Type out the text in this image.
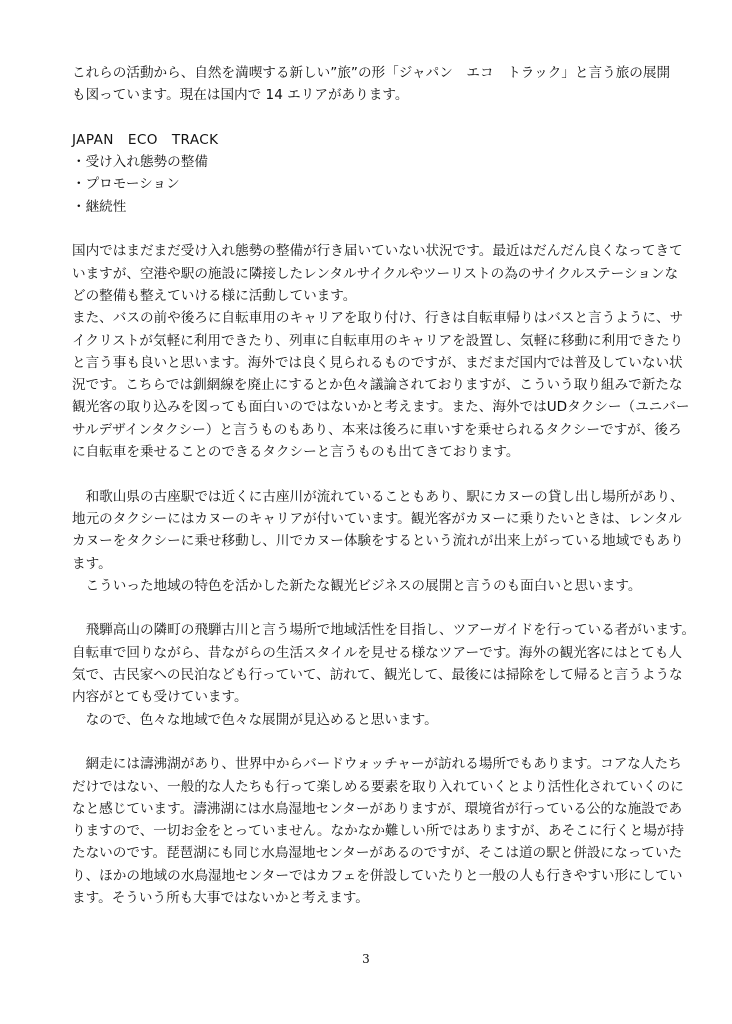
これらの活動から、自然を満喫する新しい”旅”の形「ジャパン　エコ　トラック」と言う旅の展開
も図っています。現在は国内で 14 エリアがあります。
JAPAN　ECO　TRACK
・受け入れ態勢の整備
・プロモーション
・継続性
国内ではまだまだ受け入れ態勢の整備が行き届いていない状況です。最近はだんだん良くなってきて
いますが、空港や駅の施設に隣接したレンタルサイクルやツーリストの為のサイクルステーションな
どの整備も整えていける様に活動しています。
また、バスの前や後ろに自転車用のキャリアを取り付け、行きは自転車帰りはバスと言うように、サ
イクリストが気軽に利用できたり、列車に自転車用のキャリアを設置し、気軽に移動に利用できたり
と言う事も良いと思います。海外では良く見られるものですが、まだまだ国内では普及していない状
況です。こちらでは釧網線を廃止にするとか色々議論されておりますが、こういう取り組みで新たな
観光客の取り込みを図っても面白いのではないかと考えます。また、海外ではUDタクシー（ユニバー
サルデザインタクシー）と言うものもあり、本来は後ろに車いすを乗せられるタクシーですが、後ろ
に自転車を乗せることのできるタクシーと言うものも出てきております。
　和歌山県の古座駅では近くに古座川が流れていることもあり、駅にカヌーの貸し出し場所があり、
地元のタクシーにはカヌーのキャリアが付いています。観光客がカヌーに乗りたいときは、レンタル
カヌーをタクシーに乗せ移動し、川でカヌー体験をするという流れが出来上がっている地域でもあり
ます。
　こういった地域の特色を活かした新たな観光ビジネスの展開と言うのも面白いと思います。
　飛騨高山の隣町の飛騨古川と言う場所で地域活性を目指し、ツアーガイドを行っている者がいます。
自転車で回りながら、昔ながらの生活スタイルを見せる様なツアーです。海外の観光客にはとても人
気で、古民家への民泊なども行っていて、訪れて、観光して、最後には掃除をして帰ると言うような
内容がとても受けています。
　なので、色々な地域で色々な展開が見込めると思います。
　網走には濤沸湖があり、世界中からバードウォッチャーが訪れる場所でもあります。コアな人たち
だけではない、一般的な人たちも行って楽しめる要素を取り入れていくとより活性化されていくのに
なと感じています。濤沸湖には水鳥湿地センターがありますが、環境省が行っている公的な施設であ
りますので、一切お金をとっていません。なかなか難しい所ではありますが、あそこに行くと場が持
たないのです。琵琶湖にも同じ水鳥湿地センターがあるのですが、そこは道の駅と併設になっていた
り、ほかの地域の水鳥湿地センターではカフェを併設していたりと一般の人も行きやすい形にしてい
ます。そういう所も大事ではないかと考えます。
3
